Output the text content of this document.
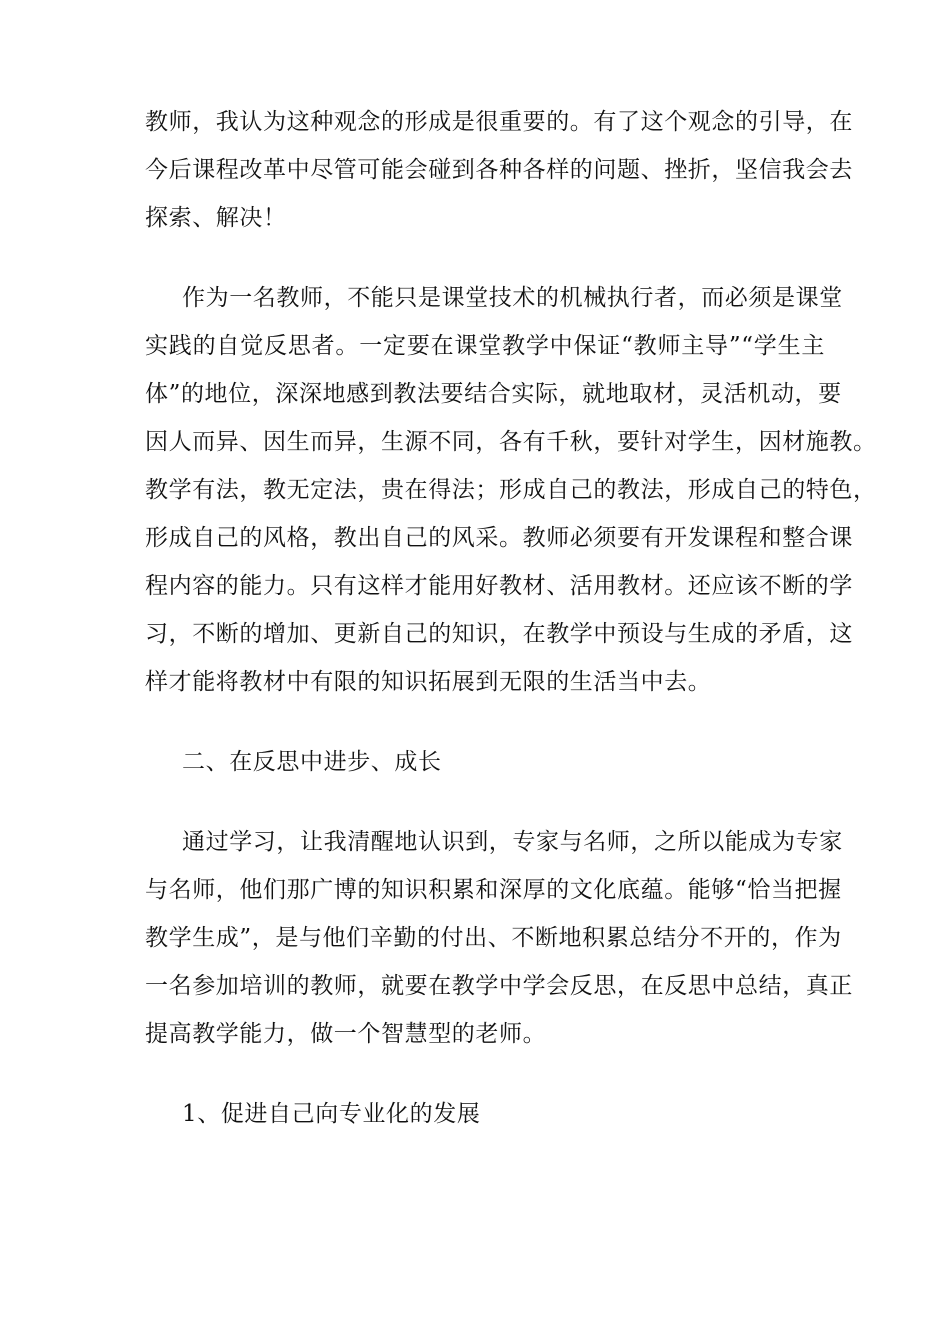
教师，我认为这种观念的形成是很重要的。有了这个观念的引导，在
今后课程改革中尽管可能会碰到各种各样的问题、挫折，坚信我会去
探索、解决！
作为一名教师，不能只是课堂技术的机械执行者，而必须是课堂
实践的自觉反思者。一定要在课堂教学中保证“教师主导”“学生主
体”的地位，深深地感到教法要结合实际，就地取材，灵活机动，要
因人而异、因生而异，生源不同，各有千秋，要针对学生，因材施教。
教学有法，教无定法，贵在得法；形成自己的教法，形成自己的特色，
形成自己的风格，教出自己的风采。教师必须要有开发课程和整合课
程内容的能力。只有这样才能用好教材、活用教材。还应该不断的学
习，不断的增加、更新自己的知识，在教学中预设与生成的矛盾，这
样才能将教材中有限的知识拓展到无限的生活当中去。
二、在反思中进步、成长
通过学习，让我清醒地认识到，专家与名师，之所以能成为专家
与名师，他们那广博的知识积累和深厚的文化底蕴。能够“恰当把握
教学生成”，是与他们辛勤的付出、不断地积累总结分不开的，作为
一名参加培训的教师，就要在教学中学会反思，在反思中总结，真正
提高教学能力，做一个智慧型的老师。
1、促进自己向专业化的发展
